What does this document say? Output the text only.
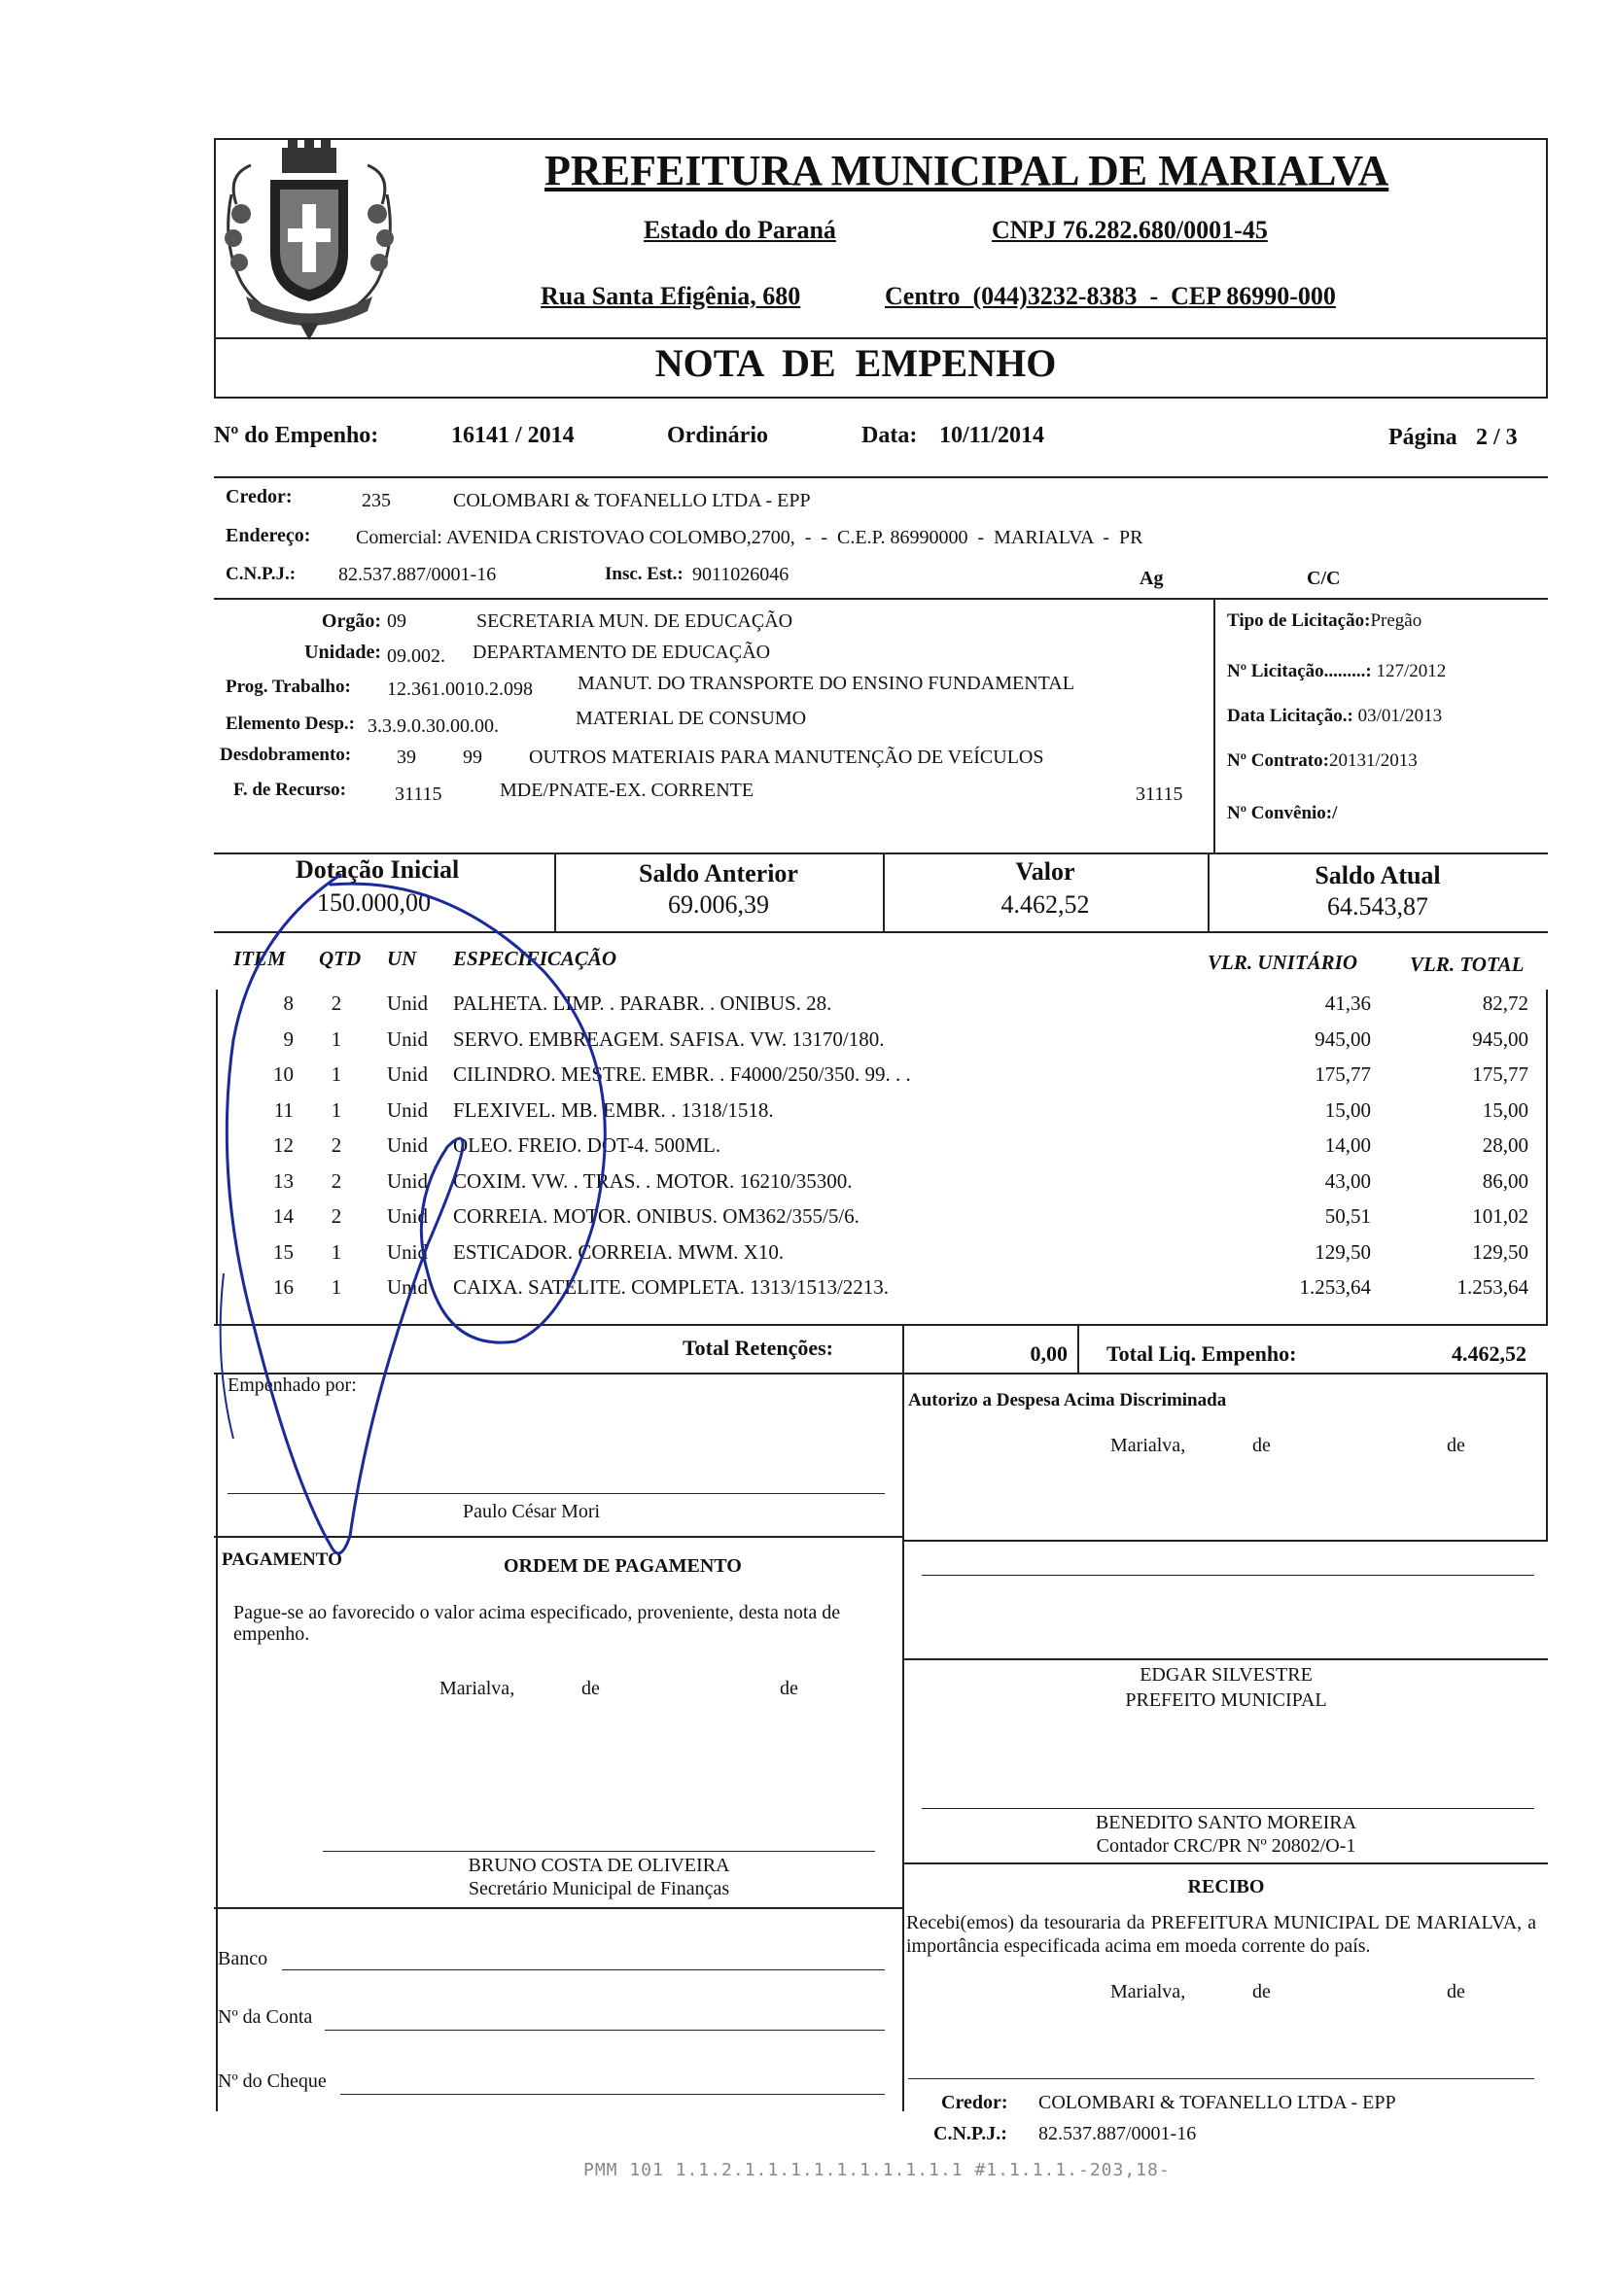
PREFEITURA MUNICIPAL DE MARIALVA
Estado do Paraná	CNPJ 76.282.680/0001-45
Rua Santa Efigênia, 680	Centro  (044)3232-8383  -  CEP 86990-000
NOTA  DE  EMPENHO
Nº do Empenho:	16141 / 2014	Ordinário	Data: 10/11/2014	Página 2 / 3
Credor:	235	COLOMBARI & TOFANELLO LTDA - EPP
Endereço: Comercial: AVENIDA CRISTOVAO COLOMBO,2700,  -  -  C.E.P. 86990000  -  MARIALVA  -  PR
C.N.P.J.: 82.537.887/0001-16	Insc. Est.: 9011026046	Ag	C/C
Orgão: 09	SECRETARIA MUN. DE EDUCAÇÃO
Unidade: 09.002. DEPARTAMENTO DE EDUCAÇÃO
Prog. Trabalho: 12.361.0010.2.098 MANUT. DO TRANSPORTE DO ENSINO FUNDAMENTAL
Elemento Desp.: 3.3.9.0.30.00.00.	MATERIAL DE CONSUMO
Desdobramento: 39 99 OUTROS MATERIAIS PARA MANUTENÇÃO DE VEÍCULOS
F. de Recurso:	31115	MDE/PNATE-EX. CORRENTE	31115
Tipo de Licitação:Pregão
Nº Licitação.........: 127/2012
Data Licitação.: 03/01/2013
Nº Contrato:20131/2013
Nº Convênio:/
Dotação Inicial
150.000,00
Saldo Anterior
69.006,39
Valor
4.462,52
Saldo Atual
64.543,87
ITEM QTD UN ESPECIFICAÇÃO	VLR. UNITÁRIO	VLR. TOTAL
8 2 Unid PALHETA. LIMP. . PARABR. . ONIBUS. 28.	41,36	82,72
9 1 Unid SERVO. EMBREAGEM. SAFISA. VW. 13170/180.	945,00	945,00
10 1 Unid CILINDRO. MESTRE. EMBR. . F4000/250/350. 99. . .	175,77	175,77
11 1 Unid FLEXIVEL. MB. EMBR. . 1318/1518.	15,00	15,00
12 2 Unid OLEO. FREIO. DOT-4. 500ML.	14,00	28,00
13 2 Unid COXIM. VW. . TRAS. . MOTOR. 16210/35300.	43,00	86,00
14 2 Unid CORREIA. MOTOR. ONIBUS. OM362/355/5/6.	50,51	101,02
15 1 Unid ESTICADOR. CORREIA. MWM. X10.	129,50	129,50
16 1 Unid CAIXA. SATELITE. COMPLETA. 1313/1513/2213.	1.253,64	1.253,64
Total Retenções:	0,00 Total Liq. Empenho:	4.462,52
Empenhado por:
Paulo César Mori
PAGAMENTO	ORDEM DE PAGAMENTO
Pague-se ao favorecido o valor acima especificado, proveniente, desta nota de empenho.
Marialva,	de	de
BRUNO COSTA DE OLIVEIRA
Secretário Municipal de Finanças
Banco
Nº da Conta
Nº do Cheque
Autorizo a Despesa Acima Discriminada
Marialva,	de	de
EDGAR SILVESTRE
PREFEITO MUNICIPAL
BENEDITO SANTO MOREIRA
Contador CRC/PR Nº 20802/O-1
RECIBO
Recebi(emos) da tesouraria da PREFEITURA MUNICIPAL DE MARIALVA, a importância especificada acima em moeda corrente do país.
Marialva,	de	de
Credor: COLOMBARI & TOFANELLO LTDA - EPP
C.N.P.J.: 82.537.887/0001-16
PMM 101 1.1.2.1.1.1.1.1.1.1.1.1.1 #1.1.1.1.-203,18-
